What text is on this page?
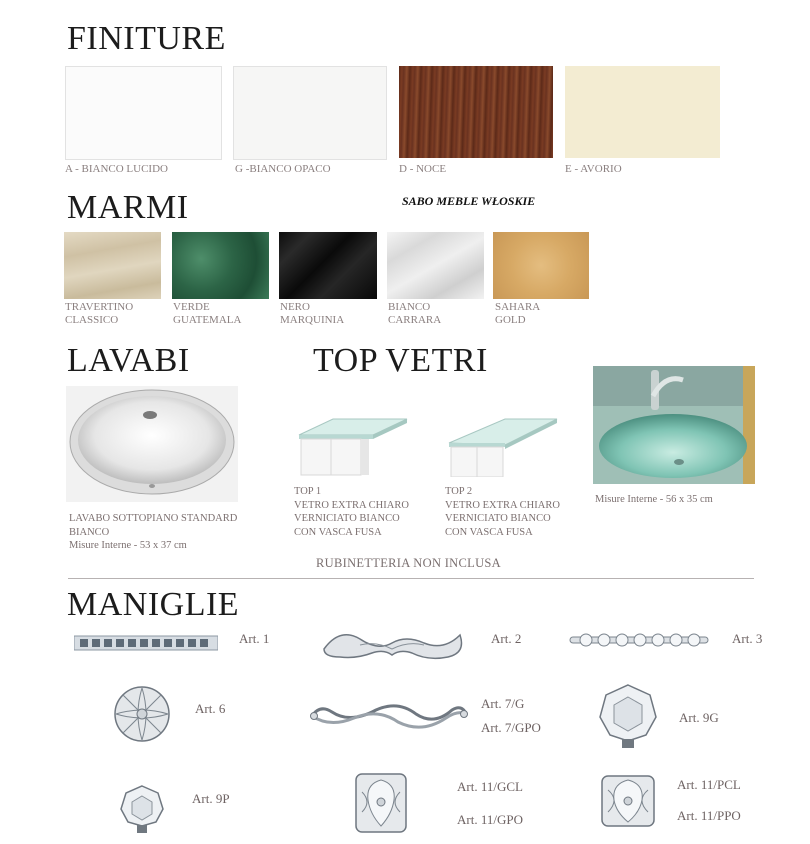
FINITURE
A - BIANCO LUCIDO	G -BIANCO OPACO	D - NOCE	E - AVORIO
MARMI	SABO MEBLE WŁOSKIE
TRAVERTINO
CLASSICO
VERDE
GUATEMALA
NERO
MARQUINIA
BIANCO
CARRARA
SAHARA
GOLD
LAVABI
LAVABO SOTTOPIANO STANDARD
BIANCO
Misure Interne - 53 x 37 cm
TOP VETRI
TOP 1
VETRO EXTRA CHIARO
VERNICIATO BIANCO
CON VASCA FUSA
TOP 2
VETRO EXTRA CHIARO
VERNICIATO BIANCO
CON VASCA FUSA
Misure Interne - 56 x 35 cm
RUBINETTERIA NON INCLUSA
MANIGLIE
Art. 1	Art. 2	Art. 3
Art. 6	Art. 7/G
Art. 7/GPO
Art. 9G
Art. 9P
Art. 11/GCL
Art. 11/GPO
Art. 11/PCL
Art. 11/PPO
